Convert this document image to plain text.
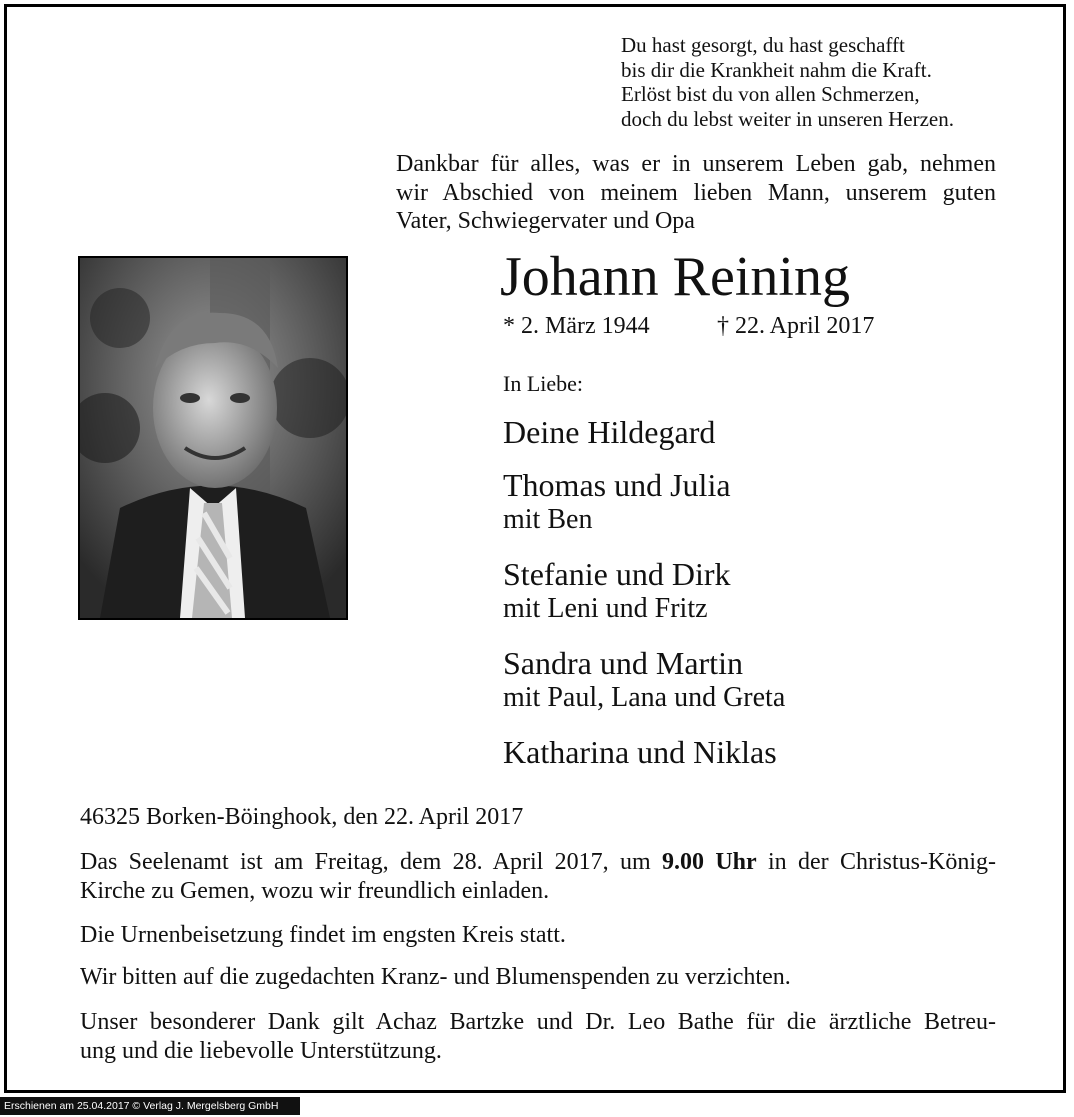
Du hast gesorgt, du hast geschafft
bis dir die Krankheit nahm die Kraft.
Erlöst bist du von allen Schmerzen,
doch du lebst weiter in unseren Herzen.
Dankbar für alles, was er in unserem Leben gab, nehmen
wir Abschied von meinem lieben Mann, unserem guten
Vater, Schwiegervater und Opa
Johann Reining
* 2. März 1944	† 22. April 2017
In Liebe:
Deine Hildegard
Thomas und Julia
mit Ben
Stefanie und Dirk
mit Leni und Fritz
Sandra und Martin
mit Paul, Lana und Greta
Katharina und Niklas
46325 Borken-Böinghook, den 22. April 2017
Das Seelenamt ist am Freitag, dem 28. April 2017, um 9.00 Uhr in der Christus-König-
Kirche zu Gemen, wozu wir freundlich einladen.
Die Urnenbeisetzung findet im engsten Kreis statt.
Wir bitten auf die zugedachten Kranz- und Blumenspenden zu verzichten.
Unser besonderer Dank gilt Achaz Bartzke und Dr. Leo Bathe für die ärztliche Betreu-
ung und die liebevolle Unterstützung.
Erschienen am 25.04.2017 © Verlag J. Mergelsberg GmbH
